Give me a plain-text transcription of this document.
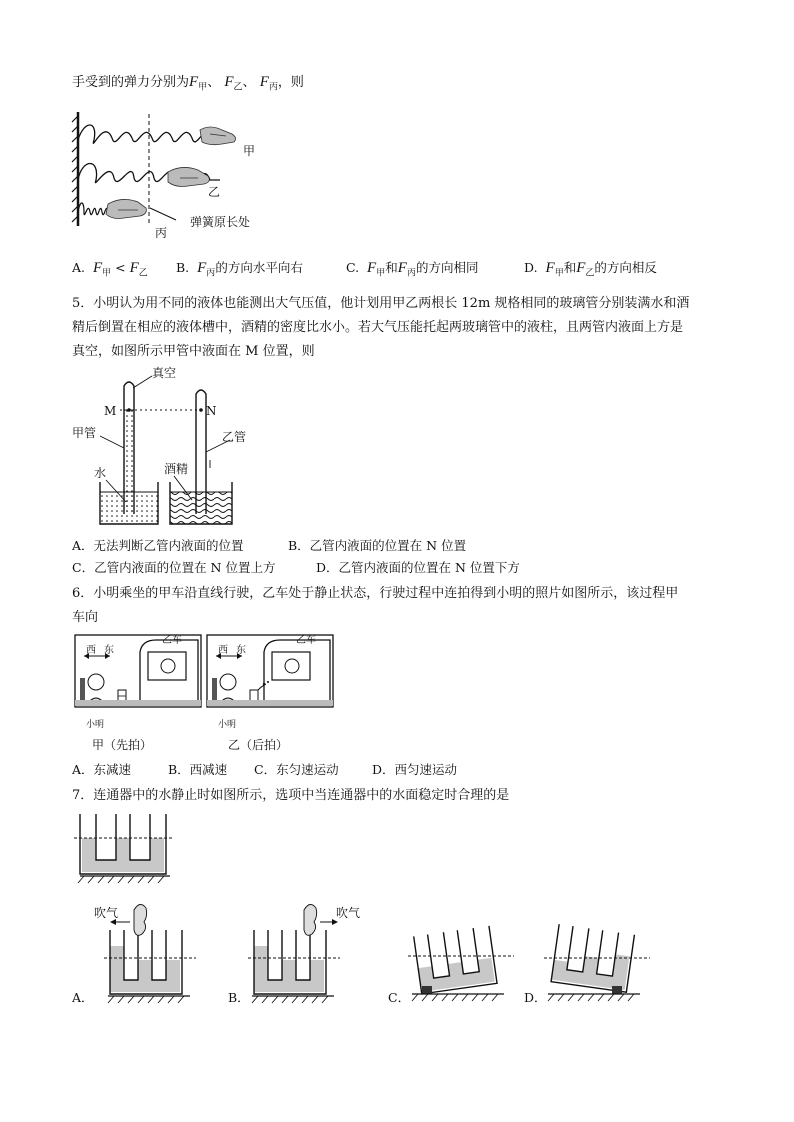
手受到的弹力分别为$F_甲$、 $F_乙$、 $F_丙$，则
甲
乙
弹簧原长处
丙
A. $F_甲 < F_乙$ B. $F_丙$的方向水平向右	C. $F_甲$和$F_丙$的方向相同	D. $F_甲$和$F_乙$的方向相反
5．小明认为用不同的液体也能测出大气压值，他计划用甲乙两根长 12m 规格相同的玻璃管分别装满水和酒
精后倒置在相应的液体槽中，酒精的密度比水小。若大气压能托起两玻璃管中的液柱，且两管内液面上方是
真空，如图所示甲管中液面在 M 位置，则
真空
M	N
甲管	乙管
水	酒精
A．无法判断乙管内液面的位置	B．乙管内液面的位置在 N 位置
C．乙管内液面的位置在 N 位置上方	D．乙管内液面的位置在 N 位置下方
6．小明乘坐的甲车沿直线行驶，乙车处于静止状态，行驶过程中连拍得到小明的照片如图所示，该过程甲
车向
西 东
乙车
小明
甲（先拍）
西 东
乙车
小明
乙（后拍）
A．东减速	B．西减速 C．东匀速运动	D．西匀速运动
7．连通器中的水静止时如图所示，选项中当连通器中的水面稳定时合理的是
吹气
A．
吹气
B．	C．	D．
